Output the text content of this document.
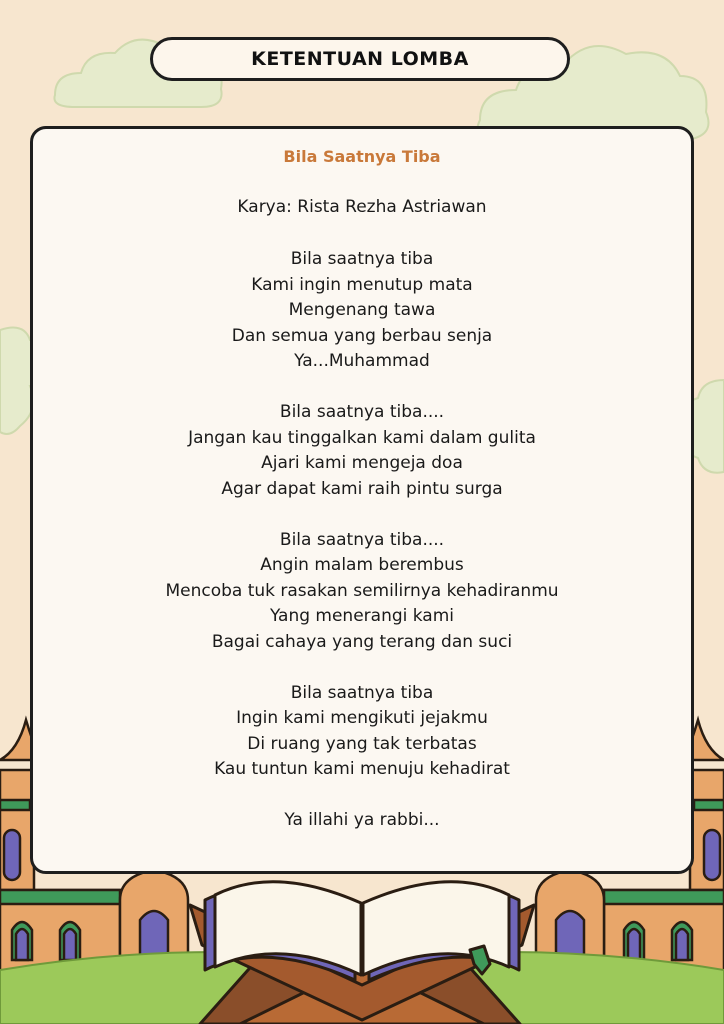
KETENTUAN LOMBA
Bila Saatnya Tiba
Karya: Rista Rezha Astriawan
Bila saatnya tiba
Kami ingin menutup mata
Mengenang tawa
Dan semua yang berbau senja
Ya...Muhammad
Bila saatnya tiba....
Jangan kau tinggalkan kami dalam gulita
Ajari kami mengeja doa
Agar dapat kami raih pintu surga
Bila saatnya tiba....
Angin malam berembus
Mencoba tuk rasakan semilirnya kehadiranmu
Yang menerangi kami
Bagai cahaya yang terang dan suci
Bila saatnya tiba
Ingin kami mengikuti jejakmu
Di ruang yang tak terbatas
Kau tuntun kami menuju kehadirat
Ya illahi ya rabbi...
